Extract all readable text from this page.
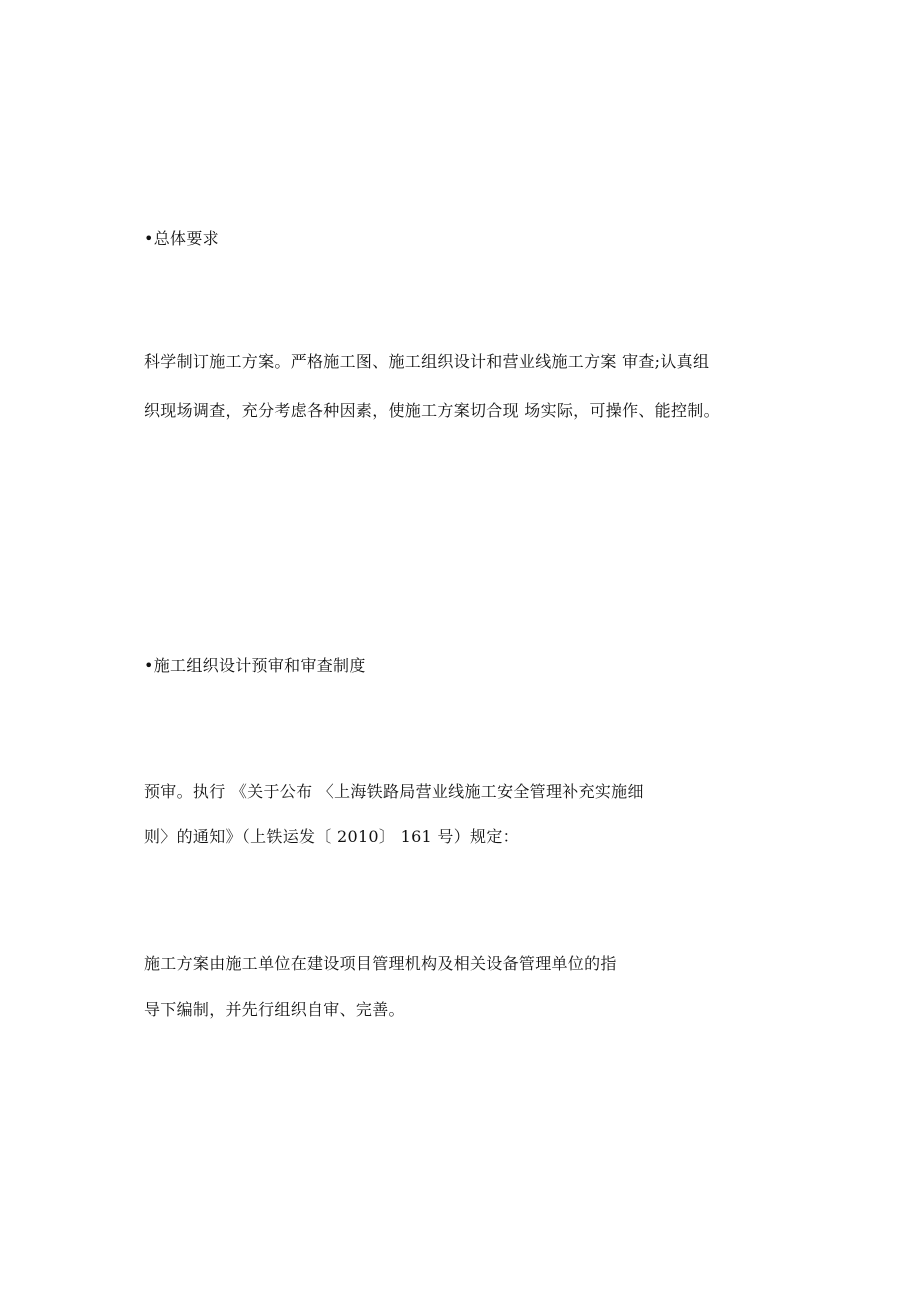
•总体要求
科学制订施工方案。严格施工图、施工组织设计和营业线施工方案 审查;认真组
织现场调查，充分考虑各种因素，使施工方案切合现 场实际，可操作、能控制。
•施工组织设计预审和审查制度
预审。执行 《关于公布 〈上海铁路局营业线施工安全管理补充实施细
则〉的通知》（上铁运发〔 2010〕 161 号）规定：
施工方案由施工单位在建设项目管理机构及相关设备管理单位的指
导下编制，并先行组织自审、完善。
